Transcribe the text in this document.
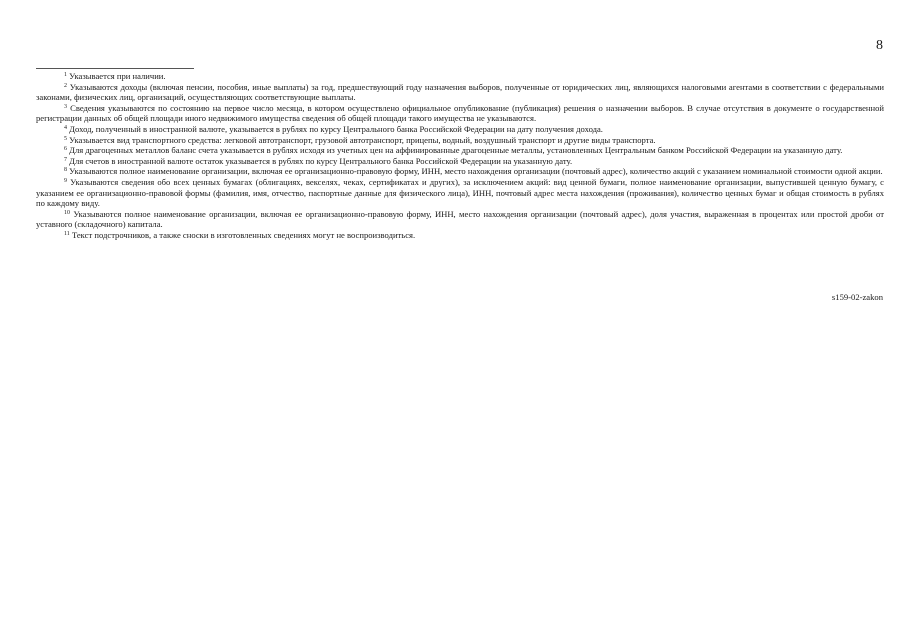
8

$^1$ Указывается при наличии.

$^2$ Указываются доходы (включая пенсии, пособия, иные выплаты) за год, предшествующий году назначения выборов, полученные от юридических лиц, являющихся налоговыми агентами в соответствии с федеральными законами, физических лиц, организаций, осуществляющих соответствующие выплаты.

$^3$ Сведения указываются по состоянию на первое число месяца, в котором осуществлено официальное опубликование (публикация) решения о назначении выборов. В случае отсутствия в документе о государственной регистрации данных об общей площади иного недвижимого имущества сведения об общей площади такого имущества не указываются.

$^4$ Доход, полученный в иностранной валюте, указывается в рублях по курсу Центрального банка Российской Федерации на дату получения дохода.

$^5$ Указывается вид транспортного средства: легковой автотранспорт, грузовой автотранспорт, прицепы, водный, воздушный транспорт и другие виды транспорта.

$^6$ Для драгоценных металлов баланс счета указывается в рублях исходя из учетных цен на аффинированные драгоценные металлы, установленных Центральным банком Российской Федерации на указанную дату.

$^7$ Для счетов в иностранной валюте остаток указывается в рублях по курсу Центрального банка Российской Федерации на указанную дату.

$^8$ Указываются полное наименование организации, включая ее организационно-правовую форму, ИНН, место нахождения организации (почтовый адрес), количество акций с указанием номинальной стоимости одной акции.

$^9$ Указываются сведения обо всех ценных бумагах (облигациях, векселях, чеках, сертификатах и других), за исключением акций: вид ценной бумаги, полное наименование организации, выпустившей ценную бумагу, с указанием ее организационно-правовой формы (фамилия, имя, отчество, паспортные данные для физического лица), ИНН, почтовый адрес места нахождения (проживания), количество ценных бумаг и общая стоимость в рублях по каждому виду.

$^{10}$ Указываются полное наименование организации, включая ее организационно-правовую форму, ИНН, место нахождения организации (почтовый адрес), доля участия, выраженная в процентах или простой дроби от уставного (складочного) капитала.

$^{11}$ Текст подстрочников, а также сноски в изготовленных сведениях могут не воспроизводиться.

s159-02-zakon
